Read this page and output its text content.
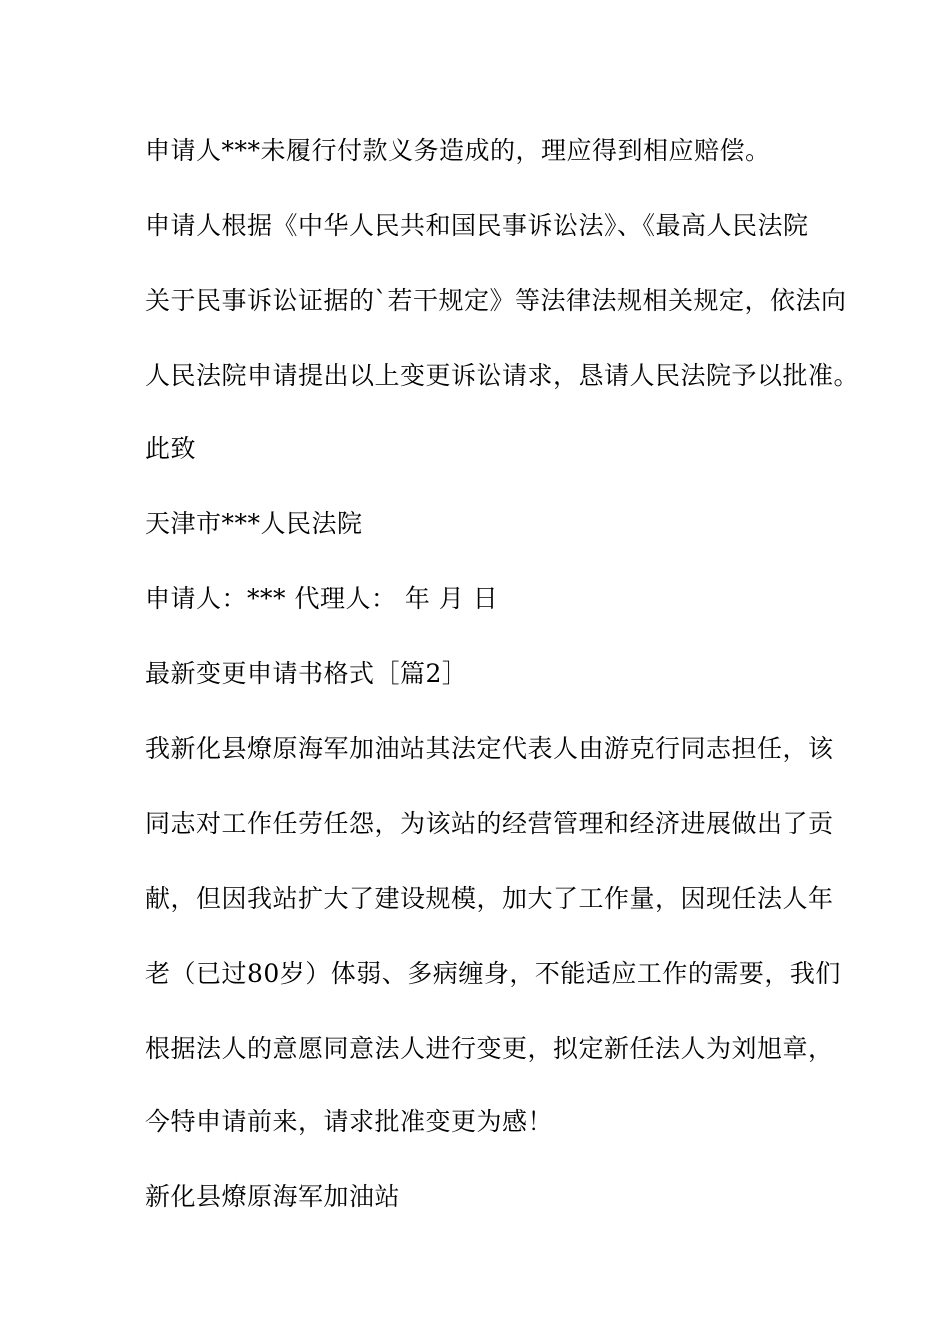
申请人***未履行付款义务造成的，理应得到相应赔偿。
申请人根据《中华人民共和国民事诉讼法》、《最高人民法院
关于民事诉讼证据的`若干规定》等法律法规相关规定，依法向
人民法院申请提出以上变更诉讼请求，恳请人民法院予以批准。
此致
天津市***人民法院
申请人：*** 代理人： 年 月 日
最新变更申请书格式［篇2］
我新化县燎原海军加油站其法定代表人由游克行同志担任，该
同志对工作任劳任怨，为该站的经营管理和经济进展做出了贡
献，但因我站扩大了建设规模，加大了工作量，因现任法人年
老（已过80岁）体弱、多病缠身，不能适应工作的需要，我们
根据法人的意愿同意法人进行变更，拟定新任法人为刘旭章，
今特申请前来，请求批准变更为感！
新化县燎原海军加油站
